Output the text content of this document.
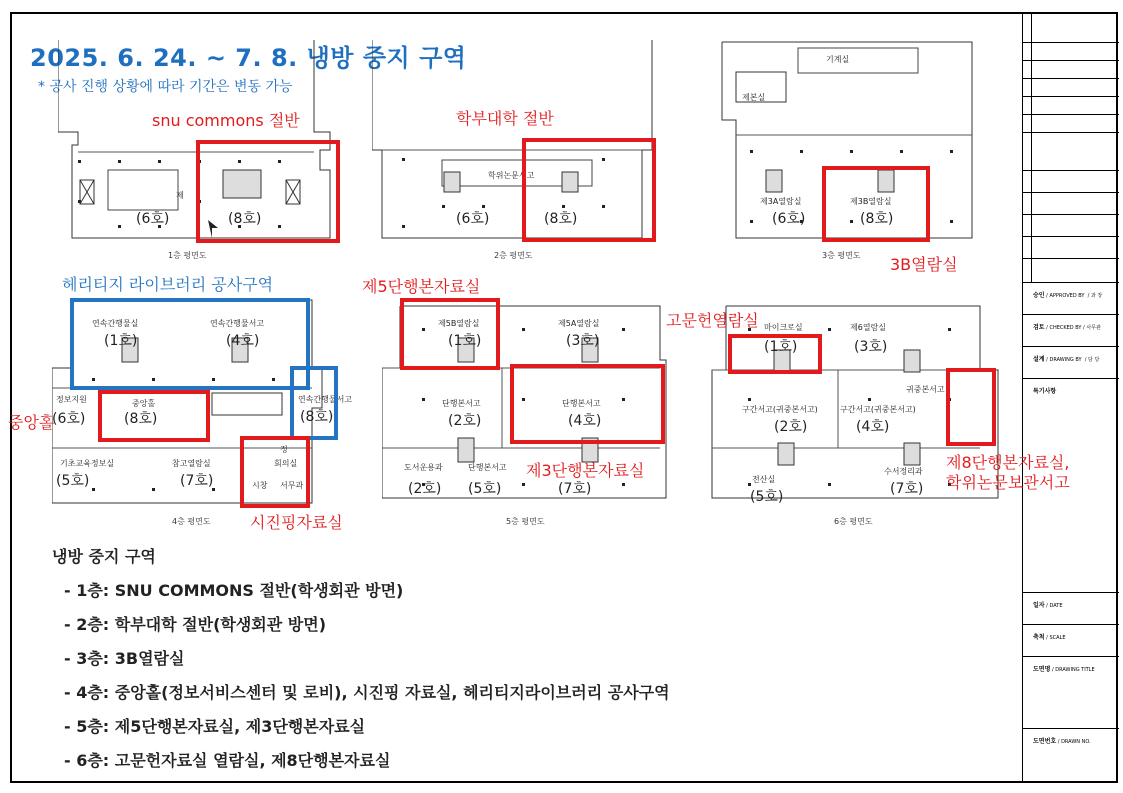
승인 / APPROVED BY  / 과 장
검토 / CHECKED BY / 사무관
설계 / DRAWING BY  / 담 당
특기사항
일자 / DATE
축척 / SCALE
도면명 / DRAWING TITLE
도면번호 / DRAWN NO.
2025. 6. 24. ~ 7. 8. 냉방 중지 구역
* 공사 진행 상황에 따라 기간은 변동 가능
제
(6호)	(8호)
1층 평면도
학위논문서고
(6호)	(8호)
2층 평면도
기계실
제본실
제3A열람실	제3B열람실
(6호)	(8호)
3층 평면도
연속간행물실	연속간행물서고
정보지원	중앙홀	연속간행물서고
기초교육정보실	참고열람실	회의실
시창 서무과
정
(1호)	(4호)
(8호)	(8호)
(5호)	(7호)
(6호)
4층 평면도
제5B열람실	제5A열람실
단행본서고	단행본서고
도서운용과	단행본서고
(1호)	(3호)
(2호)	(4호)
(2호) (5호)	(7호)
5층 평면도
마이크로실	제6열람실
구간서고(귀중본서고)	구간서고(귀중본서고)
귀중본서고
수서정리과
전산실
(1호)	(3호)
(2호)	(4호)
(5호)	(7호)
6층 평면도
snu commons 절반	학부대학 절반
3B열람실
헤리티지 라이브러리 공사구역	제5단행본자료실
고문헌열람실
중앙홀
시진핑자료실
제3단행본자료실	제8단행본자료실,
학위논문보관서고
냉방 중지 구역
- 1층: SNU COMMONS 절반(학생회관 방면)
- 2층: 학부대학 절반(학생회관 방면)
- 3층: 3B열람실
- 4층: 중앙홀(정보서비스센터 및 로비), 시진핑 자료실, 헤리티지라이브러리 공사구역
- 5층: 제5단행본자료실, 제3단행본자료실
- 6층: 고문헌자료실 열람실, 제8단행본자료실
